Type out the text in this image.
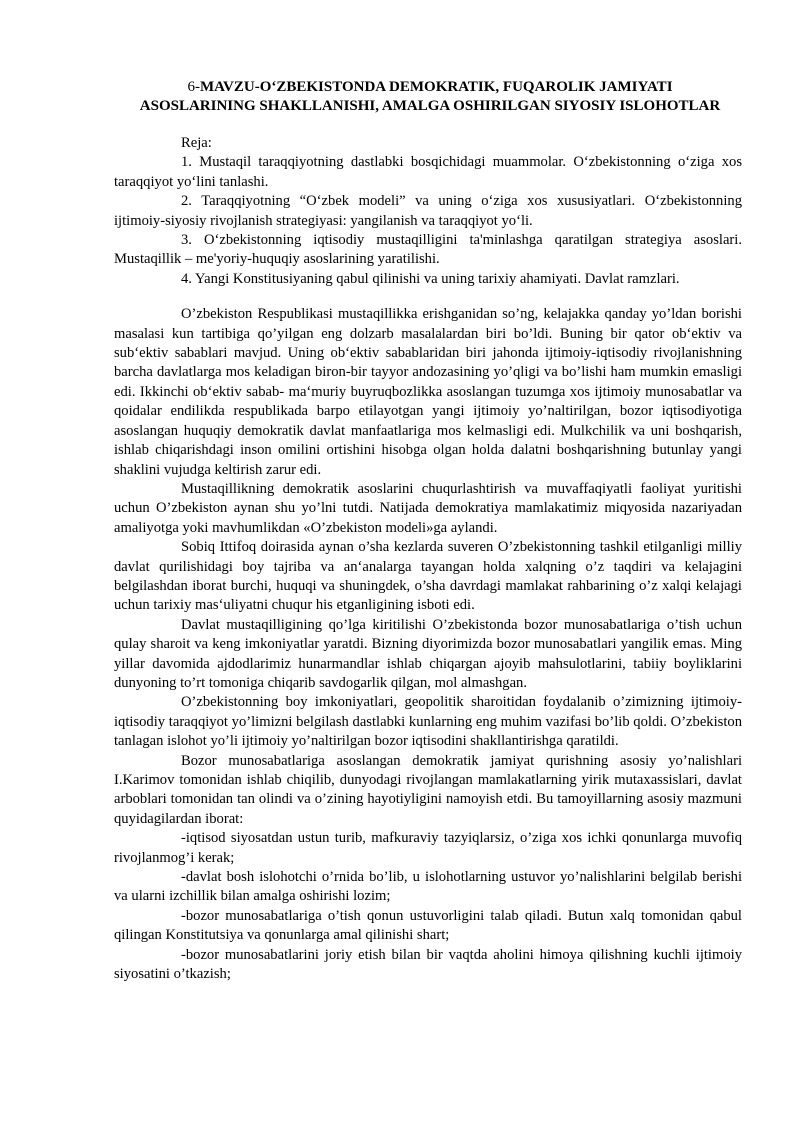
6-MAVZU-O‘ZBEKISTONDA DEMOKRATIK, FUQAROLIK JAMIYATI
ASOSLARINING SHAKLLANISHI, AMALGA OSHIRILGAN SIYOSIY ISLOHOTLAR

Reja:

1. Mustaqil taraqqiyotning dastlabki bosqichidagi muammolar. O‘zbekistonning o‘ziga xos taraqqiyot yo‘lini tanlashi.

2. Taraqqiyotning “O‘zbek modeli” va uning o‘ziga xos xususiyatlari. O‘zbekistonning ijtimoiy-siyosiy rivojlanish strategiyasi: yangilanish va taraqqiyot yo‘li.

3. O‘zbekistonning iqtisodiy mustaqilligini ta'minlashga qaratilgan strategiya asoslari. Mustaqillik – me'yoriy-huquqiy asoslarining yaratilishi.

4. Yangi Konstitusiyaning qabul qilinishi va uning tarixiy ahamiyati. Davlat ramzlari.

O’zbekiston Respublikasi mustaqillikka erishganidan so’ng, kelajakka qanday yo’ldan borishi masalasi kun tartibiga qo’yilgan eng dolzarb masalalardan biri bo’ldi. Buning bir qator ob‘ektiv va sub‘ektiv sabablari mavjud. Uning ob‘ektiv sabablaridan biri jahonda ijtimoiy-iqtisodiy rivojlanishning barcha davlatlarga mos keladigan biron-bir tayyor andozasining yo’qligi va bo’lishi ham mumkin emasligi edi. Ikkinchi ob‘ektiv sabab- ma‘muriy buyruqbozlikka asoslangan tuzumga xos ijtimoiy munosabatlar va qoidalar endilikda respublikada barpo etilayotgan yangi ijtimoiy yo’naltirilgan, bozor iqtisodiyotiga asoslangan huquqiy demokratik davlat manfaatlariga mos kelmasligi edi. Mulkchilik va uni boshqarish, ishlab chiqarishdagi inson omilini ortishini hisobga olgan holda dalatni boshqarishning butunlay yangi shaklini vujudga keltirish zarur edi.

Mustaqillikning demokratik asoslarini chuqurlashtirish va muvaffaqiyatli faoliyat yuritishi uchun O’zbekiston aynan shu yo’lni tutdi. Natijada demokratiya mamlakatimiz miqyosida nazariyadan amaliyotga yoki mavhumlikdan «O’zbekiston modeli»ga aylandi.

Sobiq Ittifoq doirasida aynan o’sha kezlarda suveren O’zbekistonning tashkil etilganligi milliy davlat qurilishidagi boy tajriba va an‘analarga tayangan holda xalqning o’z taqdiri va kelajagini belgilashdan iborat burchi, huquqi va shuningdek, o’sha davrdagi mamlakat rahbarining o’z xalqi kelajagi uchun tarixiy mas‘uliyatni chuqur his etganligining isboti edi.

Davlat mustaqilligining qo’lga kiritilishi O’zbekistonda bozor munosabatlariga o’tish uchun qulay sharoit va keng imkoniyatlar yaratdi. Bizning diyorimizda bozor munosabatlari yangilik emas. Ming yillar davomida ajdodlarimiz hunarmandlar ishlab chiqargan ajoyib mahsulotlarini, tabiiy boyliklarini dunyoning to’rt tomoniga chiqarib savdogarlik qilgan, mol almashgan.

O’zbekistonning boy imkoniyatlari, geopolitik sharoitidan foydalanib o’zimizning ijtimoiy-iqtisodiy taraqqiyot yo’limizni belgilash dastlabki kunlarning eng muhim vazifasi bo’lib qoldi. O’zbekiston tanlagan islohot yo’li ijtimoiy yo’naltirilgan bozor iqtisodini shakllantirishga qaratildi.

Bozor munosabatlariga asoslangan demokratik jamiyat qurishning asosiy yo’nalishlari I.Karimov tomonidan ishlab chiqilib, dunyodagi rivojlangan mamlakatlarning yirik mutaxassislari, davlat arboblari tomonidan tan olindi va o’zining hayotiyligini namoyish etdi. Bu tamoyillarning asosiy mazmuni quyidagilardan iborat:

-iqtisod siyosatdan ustun turib, mafkuraviy tazyiqlarsiz, o’ziga xos ichki qonunlarga muvofiq rivojlanmog’i kerak;

-davlat bosh islohotchi o’rnida bo’lib, u islohotlarning ustuvor yo’nalishlarini belgilab berishi va ularni izchillik bilan amalga oshirishi lozim;

-bozor munosabatlariga o’tish qonun ustuvorligini talab qiladi. Butun xalq tomonidan qabul qilingan Konstitutsiya va qonunlarga amal qilinishi shart;

-bozor munosabatlarini joriy etish bilan bir vaqtda aholini himoya qilishning kuchli ijtimoiy siyosatini o’tkazish;
